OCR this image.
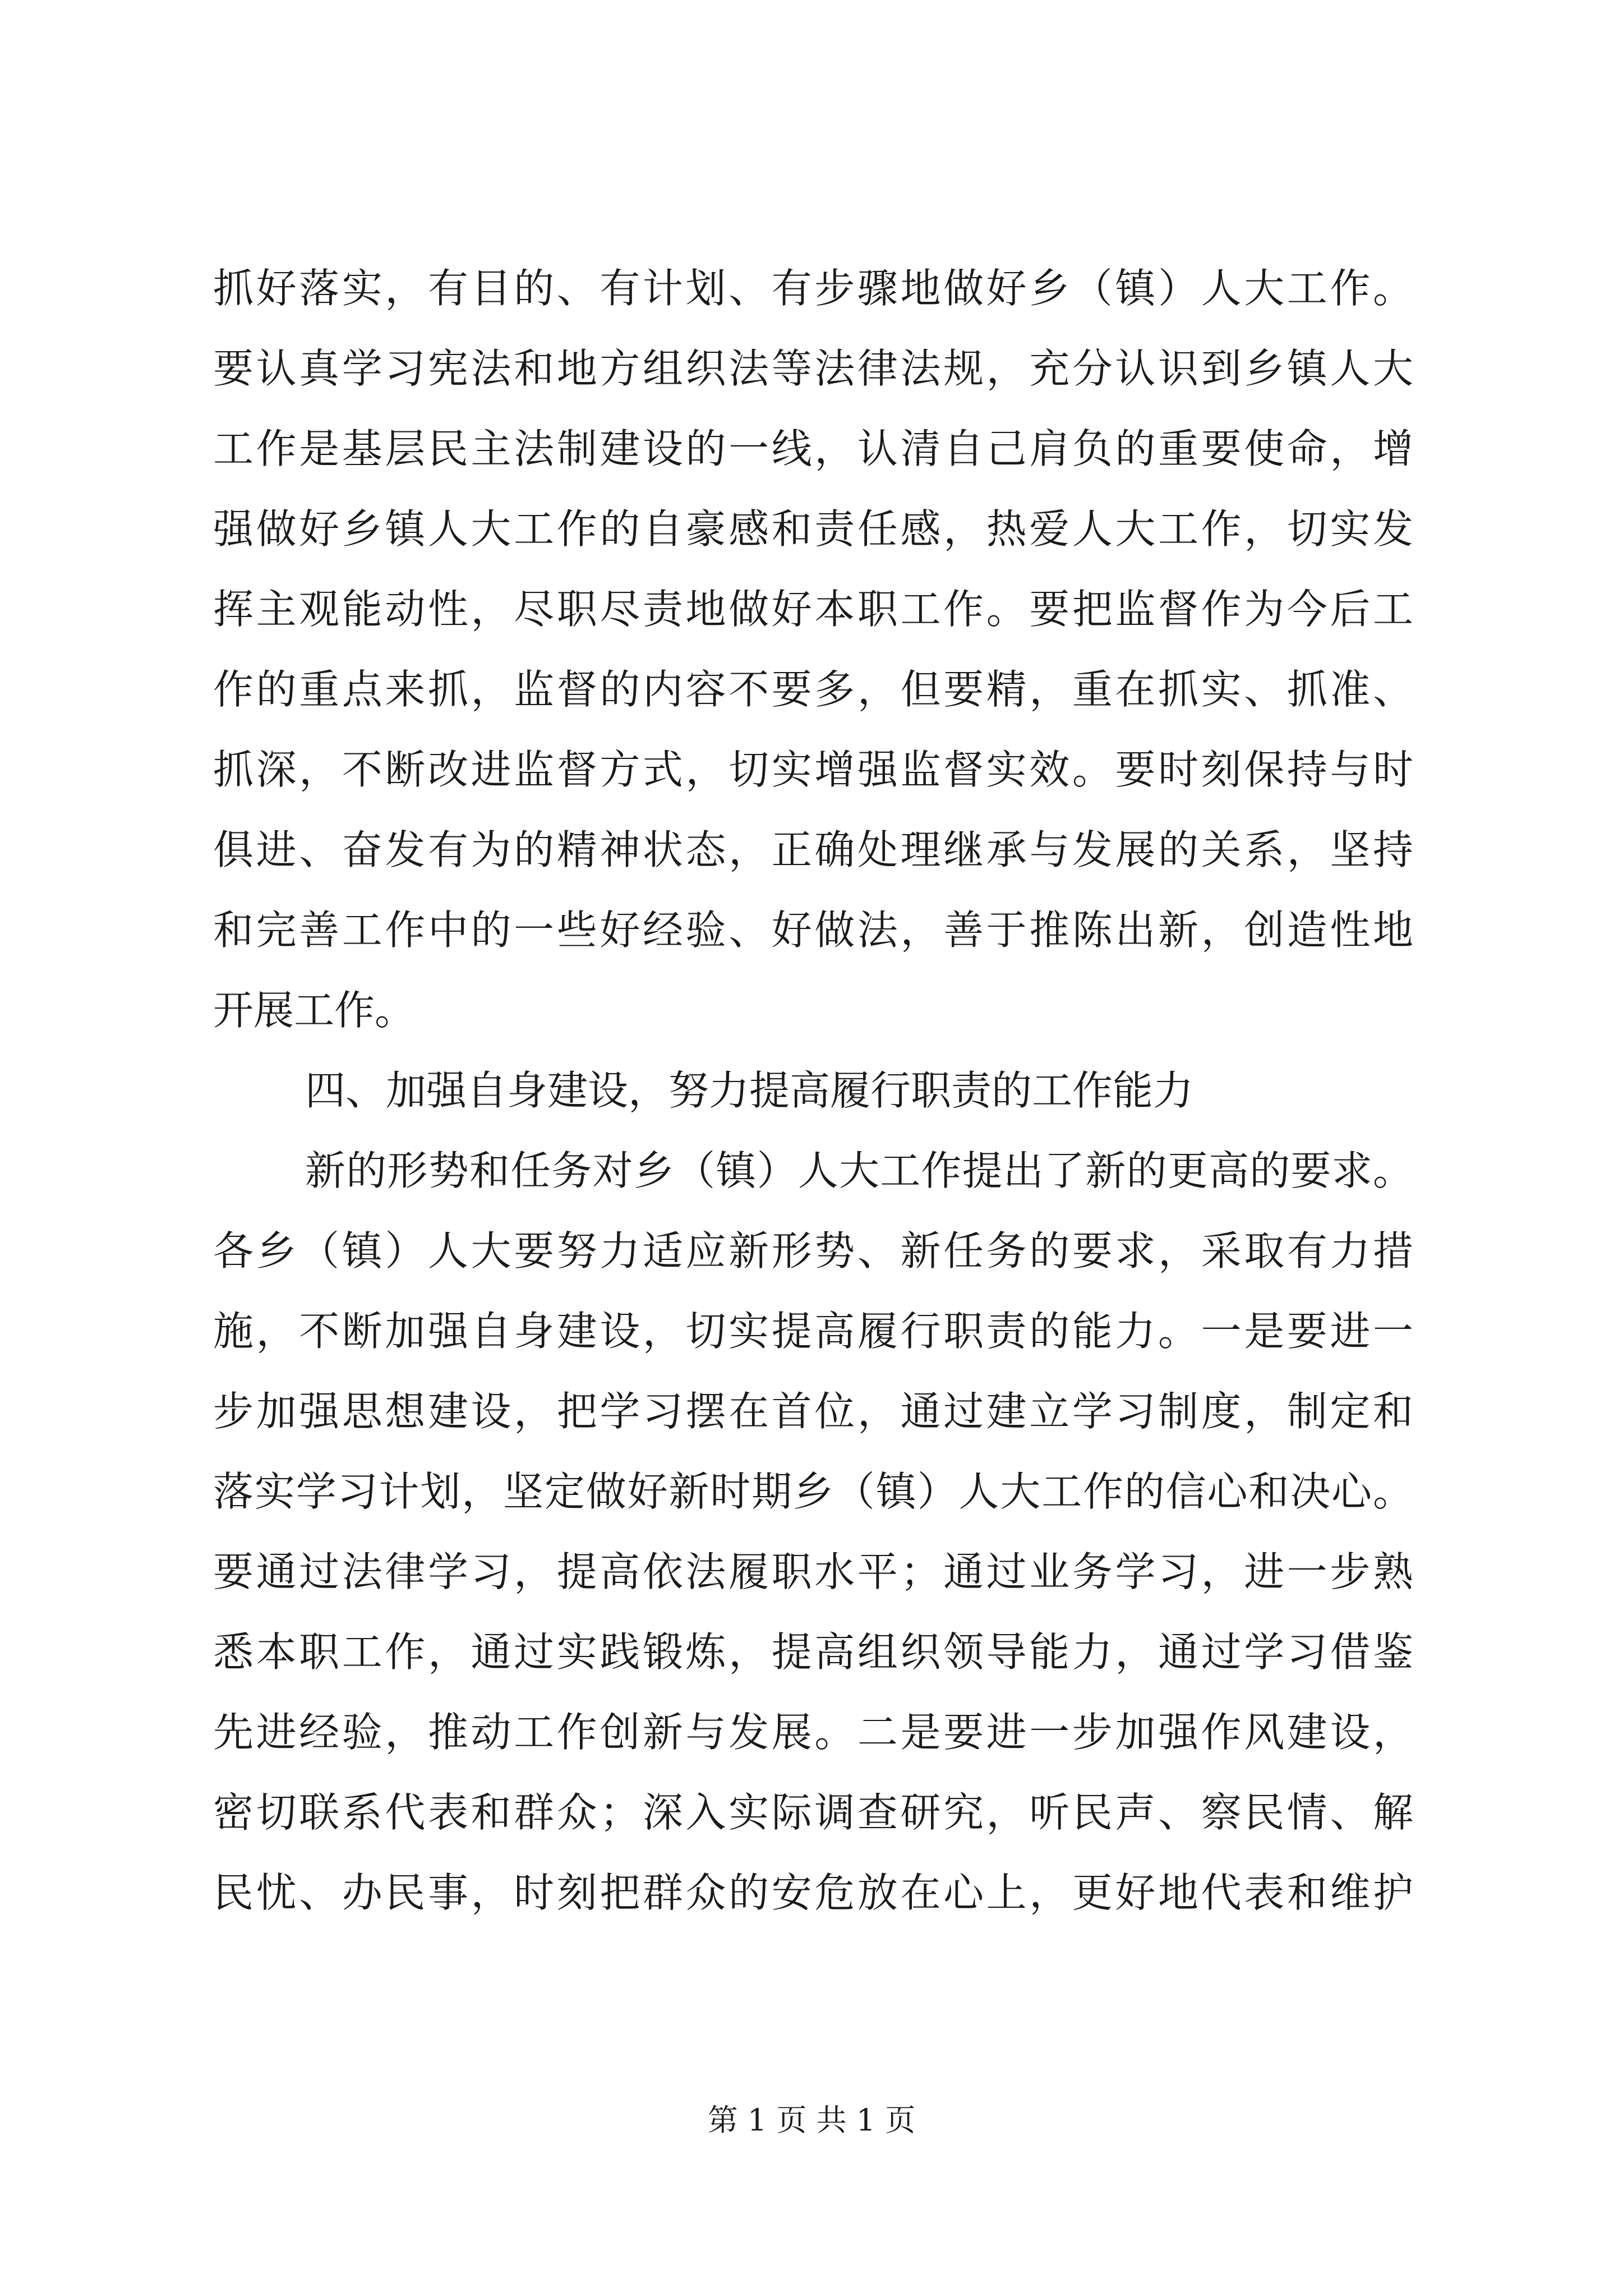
抓好落实，有目的、有计划、有步骤地做好乡（镇）人大工作。
要认真学习宪法和地方组织法等法律法规，充分认识到乡镇人大
工作是基层民主法制建设的一线，认清自己肩负的重要使命，增
强做好乡镇人大工作的自豪感和责任感，热爱人大工作，切实发
挥主观能动性，尽职尽责地做好本职工作。要把监督作为今后工
作的重点来抓，监督的内容不要多，但要精，重在抓实、抓准、
抓深，不断改进监督方式，切实增强监督实效。要时刻保持与时
俱进、奋发有为的精神状态，正确处理继承与发展的关系，坚持
和完善工作中的一些好经验、好做法，善于推陈出新，创造性地
开展工作。
四、加强自身建设，努力提高履行职责的工作能力
新的形势和任务对乡（镇）人大工作提出了新的更高的要求。
各乡（镇）人大要努力适应新形势、新任务的要求，采取有力措
施，不断加强自身建设，切实提高履行职责的能力。一是要进一
步加强思想建设，把学习摆在首位，通过建立学习制度，制定和
落实学习计划，坚定做好新时期乡（镇）人大工作的信心和决心。
要通过法律学习，提高依法履职水平；通过业务学习，进一步熟
悉本职工作，通过实践锻炼，提高组织领导能力，通过学习借鉴
先进经验，推动工作创新与发展。二是要进一步加强作风建设，
密切联系代表和群众；深入实际调查研究，听民声、察民情、解
民忧、办民事，时刻把群众的安危放在心上，更好地代表和维护
第 1 页 共 1 页
